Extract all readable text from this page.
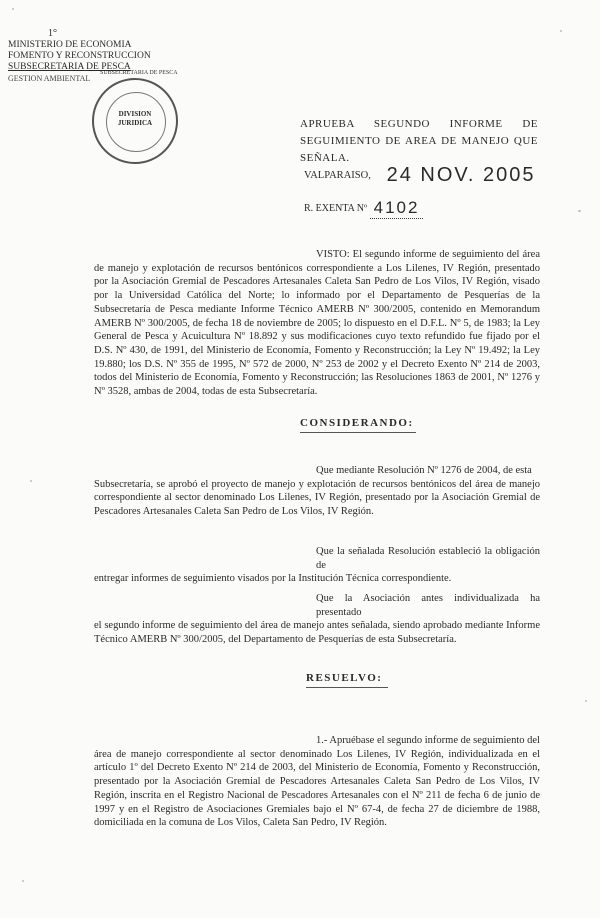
1°
MINISTERIO DE ECONOMIA
FOMENTO Y RECONSTRUCCION
SUBSECRETARIA DE PESCA
GESTION AMBIENTAL
SUBSECRETARIA DE PESCA
DIVISION
JURIDICA	APRUEBA SEGUNDO INFORME DE SEGUIMIENTO DE AREA DE MANEJO QUE SEÑALA.
VALPARAISO, 24 NOV. 2005
R. EXENTA Nº 4102

VISTO: El segundo informe de seguimiento del área de manejo y explotación de recursos bentónicos correspondiente a Los Lilenes, IV Región, presentado por la Asociación Gremial de Pescadores Artesanales Caleta San Pedro de Los Vilos, IV Región, visado por la Universidad Católica del Norte; lo informado por el Departamento de Pesquerías de la Subsecretaría de Pesca mediante Informe Técnico AMERB Nº 300/2005, contenido en Memorandum AMERB Nº 300/2005, de fecha 18 de noviembre de 2005; lo dispuesto en el D.F.L. Nº 5, de 1983; la Ley General de Pesca y Acuicultura Nº 18.892 y sus modificaciones cuyo texto refundido fue fijado por el D.S. Nº 430, de 1991, del Ministerio de Economía, Fomento y Reconstrucción; la Ley Nº 19.492; la Ley 19.880; los D.S. Nº 355 de 1995, Nº 572 de 2000, Nº 253 de 2002 y el Decreto Exento Nº 214 de 2003, todos del Ministerio de Economía, Fomento y Reconstrucción; las Resoluciones 1863 de 2001, Nº 1276 y Nº 3528, ambas de 2004, todas de esta Subsecretaría.

CONSIDERANDO:

Que mediante Resolución Nº 1276 de 2004, de esta

Subsecretaría, se aprobó el proyecto de manejo y explotación de recursos bentónicos del área de manejo correspondiente al sector denominado Los Lilenes, IV Región, presentado por la Asociación Gremial de Pescadores Artesanales Caleta San Pedro de Los Vilos, IV Región.

Que la señalada Resolución estableció la obligación de

entregar informes de seguimiento visados por la Institución Técnica correspondiente.

Que la Asociación antes individualizada ha presentado

el segundo informe de seguimiento del área de manejo antes señalada, siendo aprobado mediante Informe Técnico AMERB Nº 300/2005, del Departamento de Pesquerías de esta Subsecretaría.

RESUELVO:

1.- Apruébase el segundo informe de seguimiento del

área de manejo correspondiente al sector denominado Los Lilenes, IV Región, individualizada en el artículo 1º del Decreto Exento Nº 214 de 2003, del Ministerio de Economía, Fomento y Reconstrucción, presentado por la Asociación Gremial de Pescadores Artesanales Caleta San Pedro de Los Vilos, IV Región, inscrita en el Registro Nacional de Pescadores Artesanales con el Nº 211 de fecha 6 de junio de 1997 y en el Registro de Asociaciones Gremiales bajo el Nº 67-4, de fecha 27 de diciembre de 1988, domiciliada en la comuna de Los Vilos, Caleta San Pedro, IV Región.
